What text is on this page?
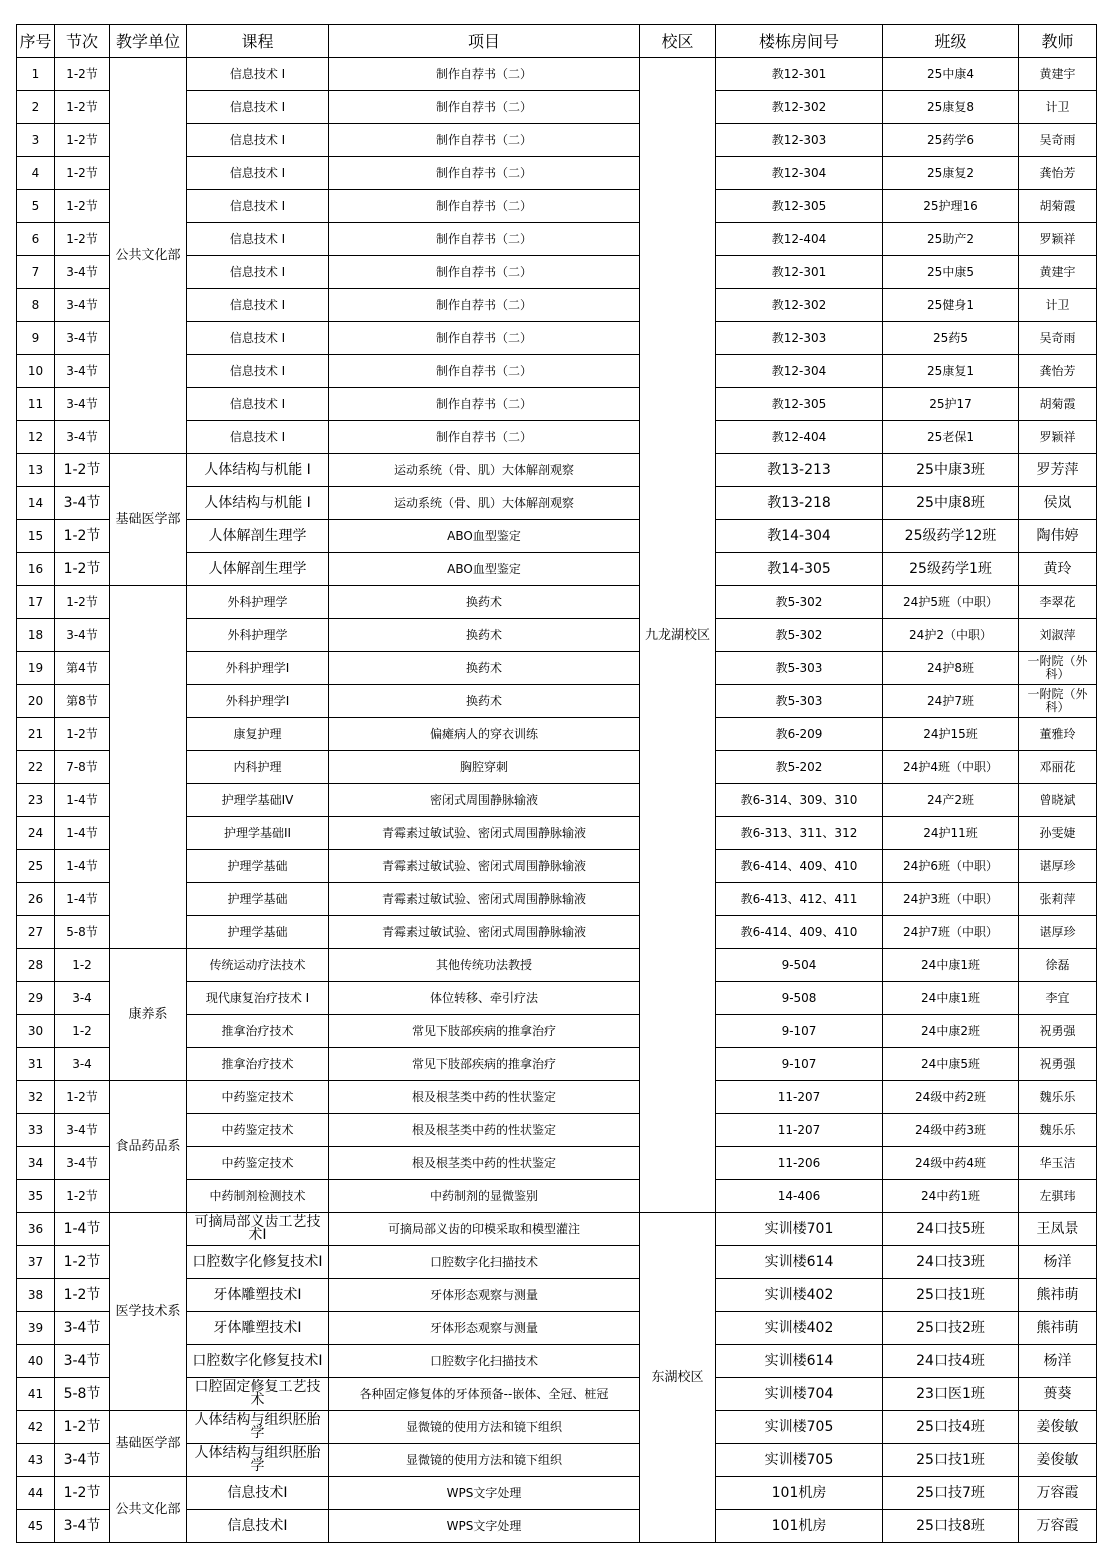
序号	节次	教学单位	课程	项目	校区	楼栋房间号	班级	教师
1	1-2节	公共文化部	信息技术 I	制作自荐书（二）	九龙湖校区	教12-301	25中康4	黄建宇
2	1-2节		信息技术 I	制作自荐书（二）		教12-302	25康复8	计卫
3	1-2节		信息技术 I	制作自荐书（二）		教12-303	25药学6	吴奇雨
4	1-2节		信息技术 I	制作自荐书（二）		教12-304	25康复2	龚怡芳
5	1-2节		信息技术 I	制作自荐书（二）		教12-305	25护理16	胡菊霞
6	1-2节		信息技术 I	制作自荐书（二）		教12-404	25助产2	罗颖祥
7	3-4节		信息技术 I	制作自荐书（二）		教12-301	25中康5	黄建宇
8	3-4节		信息技术 I	制作自荐书（二）		教12-302	25健身1	计卫
9	3-4节		信息技术 I	制作自荐书（二）		教12-303	25药5	吴奇雨
10	3-4节		信息技术 I	制作自荐书（二）		教12-304	25康复1	龚怡芳
11	3-4节		信息技术 I	制作自荐书（二）		教12-305	25护17	胡菊霞
12	3-4节		信息技术 I	制作自荐书（二）		教12-404	25老保1	罗颖祥
13	1-2节	基础医学部	人体结构与机能 I	运动系统（骨、肌）大体解剖观察		教13-213	25中康3班	罗芳萍
14	3-4节		人体结构与机能 I	运动系统（骨、肌）大体解剖观察		教13-218	25中康8班	侯岚
15	1-2节		人体解剖生理学	ABO血型鉴定		教14-304	25级药学12班	陶伟婷
16	1-2节		人体解剖生理学	ABO血型鉴定		教14-305	25级药学1班	黄玲
17	1-2节		外科护理学	换药术		教5-302	24护5班（中职）	李翠花
18	3-4节		外科护理学	换药术		教5-302	24护2（中职）	刘淑萍
19	第4节		外科护理学I	换药术		教5-303	24护8班	一附院（外科）
20	第8节		外科护理学I	换药术		教5-303	24护7班	一附院（外科）
21	1-2节		康复护理	偏瘫病人的穿衣训练		教6-209	24护15班	董雅玲
22	7-8节		内科护理	胸腔穿刺		教5-202	24护4班（中职）	邓丽花
23	1-4节		护理学基础IV	密闭式周围静脉输液		教6-314、309、310	24产2班	曾晓斌
24	1-4节		护理学基础II	青霉素过敏试验、密闭式周围静脉输液		教6-313、311、312	24护11班	孙雯婕
25	1-4节		护理学基础	青霉素过敏试验、密闭式周围静脉输液		教6-414、409、410	24护6班（中职）	谌厚珍
26	1-4节		护理学基础	青霉素过敏试验、密闭式周围静脉输液		教6-413、412、411	24护3班（中职）	张莉萍
27	5-8节		护理学基础	青霉素过敏试验、密闭式周围静脉输液		教6-414、409、410	24护7班（中职）	谌厚珍
28	1-2	康养系	传统运动疗法技术	其他传统功法教授		9-504	24中康1班	徐磊
29	3-4		现代康复治疗技术 I	体位转移、牵引疗法		9-508	24中康1班	李宜
30	1-2		推拿治疗技术	常见下肢部疾病的推拿治疗		9-107	24中康2班	祝勇强
31	3-4		推拿治疗技术	常见下肢部疾病的推拿治疗		9-107	24中康5班	祝勇强
32	1-2节	食品药品系	中药鉴定技术	根及根茎类中药的性状鉴定		11-207	24级中药2班	魏乐乐
33	3-4节		中药鉴定技术	根及根茎类中药的性状鉴定		11-207	24级中药3班	魏乐乐
34	3-4节		中药鉴定技术	根及根茎类中药的性状鉴定		11-206	24级中药4班	华玉洁
35	1-2节		中药制剂检测技术	中药制剂的显微鉴别		14-406	24中药1班	左骐玮
36	1-4节	医学技术系	可摘局部义齿工艺技术I	可摘局部义齿的印模采取和模型灌注	东湖校区	实训楼701	24口技5班	王凤景
37	1-2节		口腔数字化修复技术I	口腔数字化扫描技术		实训楼614	24口技3班	杨洋
38	1-2节		牙体雕塑技术I	牙体形态观察与测量		实训楼402	25口技1班	熊祎萌
39	3-4节		牙体雕塑技术I	牙体形态观察与测量		实训楼402	25口技2班	熊祎萌
40	3-4节		口腔数字化修复技术I	口腔数字化扫描技术		实训楼614	24口技4班	杨洋
41	5-8节		口腔固定修复工艺技术	各种固定修复体的牙体预备--嵌体、全冠、桩冠		实训楼704	23口医1班	蒉葵
42	1-2节	基础医学部	人体结构与组织胚胎学	显微镜的使用方法和镜下组织		实训楼705	25口技4班	姜俊敏
43	3-4节		人体结构与组织胚胎学	显微镜的使用方法和镜下组织		实训楼705	25口技1班	姜俊敏
44	1-2节	公共文化部	信息技术I	WPS文字处理		101机房	25口技7班	万容霞
45	3-4节		信息技术I	WPS文字处理		101机房	25口技8班	万容霞
